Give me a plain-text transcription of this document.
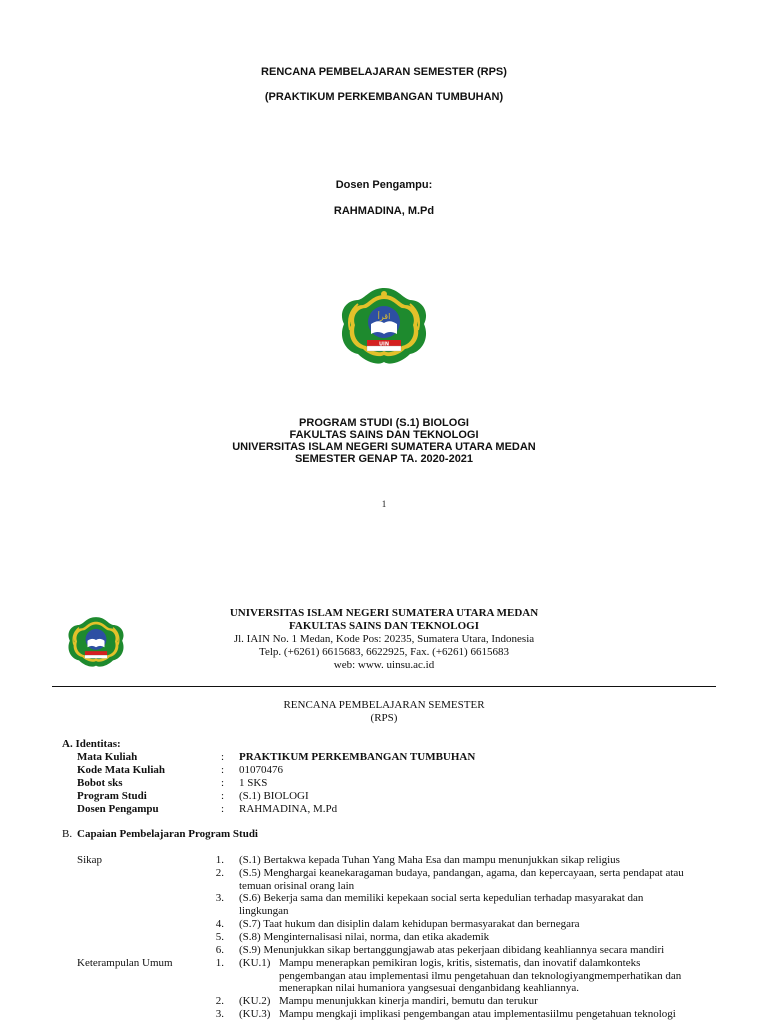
RENCANA PEMBELAJARAN SEMESTER (RPS)
(PRAKTIKUM PERKEMBANGAN TUMBUHAN)
Dosen Pengampu:
RAHMADINA, M.Pd
اقرأ
UIN
PROGRAM STUDI (S.1) BIOLOGI
FAKULTAS SAINS DAN TEKNOLOGI
UNIVERSITAS ISLAM NEGERI SUMATERA UTARA MEDAN
SEMESTER GENAP TA. 2020-2021
1
UNIVERSITAS ISLAM NEGERI SUMATERA UTARA MEDAN
FAKULTAS SAINS DAN TEKNOLOGI
Jl. IAIN No. 1 Medan, Kode Pos: 20235, Sumatera Utara, Indonesia
Telp. (+6261) 6615683, 6622925, Fax. (+6261) 6615683
web: www. uinsu.ac.id
RENCANA PEMBELAJARAN SEMESTER
(RPS)
A. Identitas:
Mata Kuliah	: PRAKTIKUM PERKEMBANGAN TUMBUHAN
Kode Mata Kuliah	: 01070476
Bobot sks	: 1 SKS
Program Studi	: (S.1) BIOLOGI
Dosen Pengampu	: RAHMADINA, M.Pd
B. Capaian Pembelajaran Program Studi
Sikap	1. (S.1) Bertakwa kepada Tuhan Yang Maha Esa dan mampu menunjukkan sikap religius
2. (S.5) Menghargai keanekaragaman budaya, pandangan, agama, dan kepercayaan, serta pendapat atau
temuan orisinal orang lain
3. (S.6) Bekerja sama dan memiliki kepekaan social serta kepedulian terhadap masyarakat dan
lingkungan
4. (S.7) Taat hukum dan disiplin dalam kehidupan bermasyarakat dan bernegara
5. (S.8) Menginternalisasi nilai, norma, dan etika akademik
6. (S.9) Menunjukkan sikap bertanggungjawab atas pekerjaan dibidang keahliannya secara mandiri
Keterampulan Umum	1. (KU.1) Mampu menerapkan pemikiran logis, kritis, sistematis, dan inovatif dalamkonteks
pengembangan atau implementasi ilmu pengetahuan dan teknologiyangmemperhatikan dan
menerapkan nilai humaniora yangsesuai denganbidang keahliannya.
2. (KU.2) Mampu menunjukkan kinerja mandiri, bemutu dan terukur
3. (KU.3) Mampu mengkaji implikasi pengembangan atau implementasiilmu pengetahuan teknologi
